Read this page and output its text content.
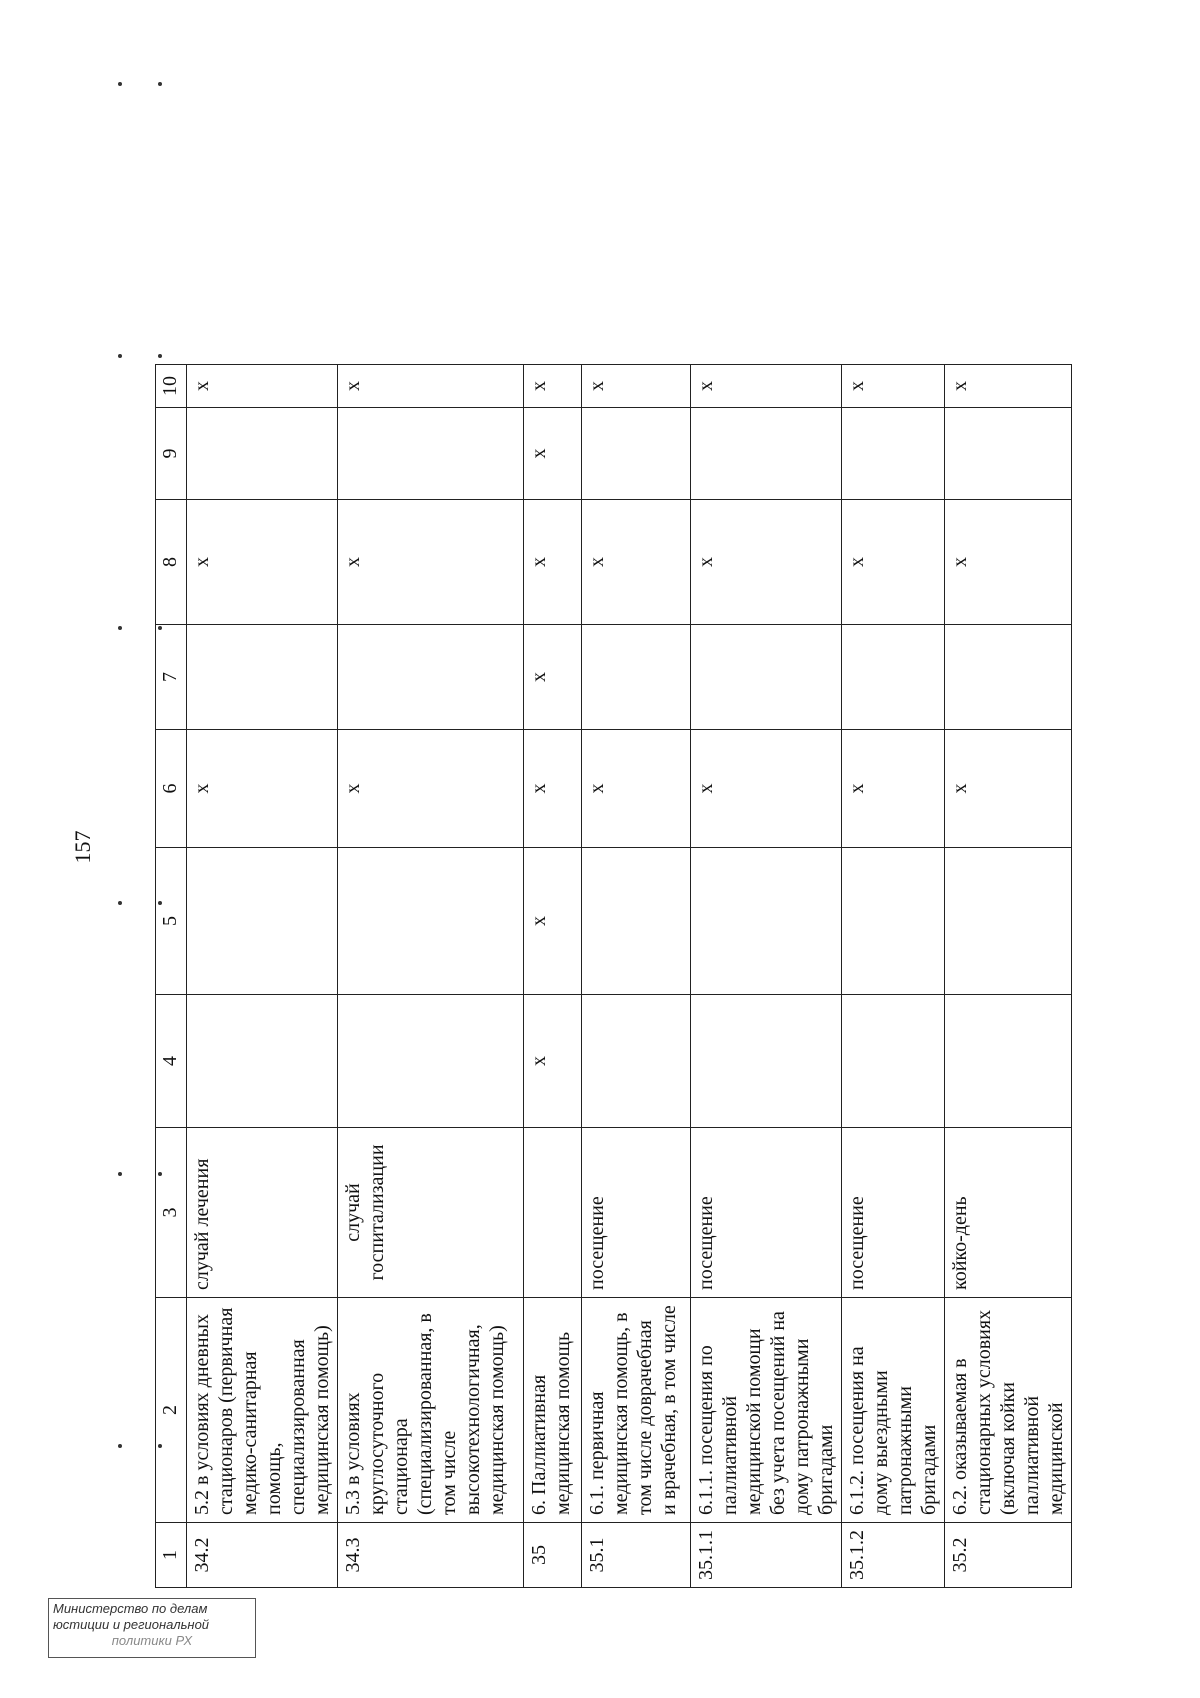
157
1	2	3	4	5	6	7	8	9	10
34.2	5.2 в условиях дневных стационаров (первичная медико-санитарная помощь, специализированная медицинская помощь)	случай лечения			х		х		х
34.3	5.3 в условиях круглосуточного стационара (специализированная, в том числе высокотехнологичная, медицинская помощь)	случай госпитализации			х		х		х
35	6. Паллиативная медицинская помощь		х	х	х	х	х	х	х
35.1	6.1. первичная медицинская помощь, в том числе доврачебная и врачебная, в том числе	посещение			х		х		х
35.1.1	6.1.1. посещения по паллиативной медицинской помощи без учета посещений на дому патронажными бригадами	посещение			х		х		х
35.1.2	6.1.2. посещения на дому выездными патронажными бригадами	посещение			х		х		х
35.2	6.2. оказываемая в стационарных условиях (включая койки паллиативной медицинской	койко-день			х		х		х
Министерство по делам
юстиции и региональной
политики РХ
